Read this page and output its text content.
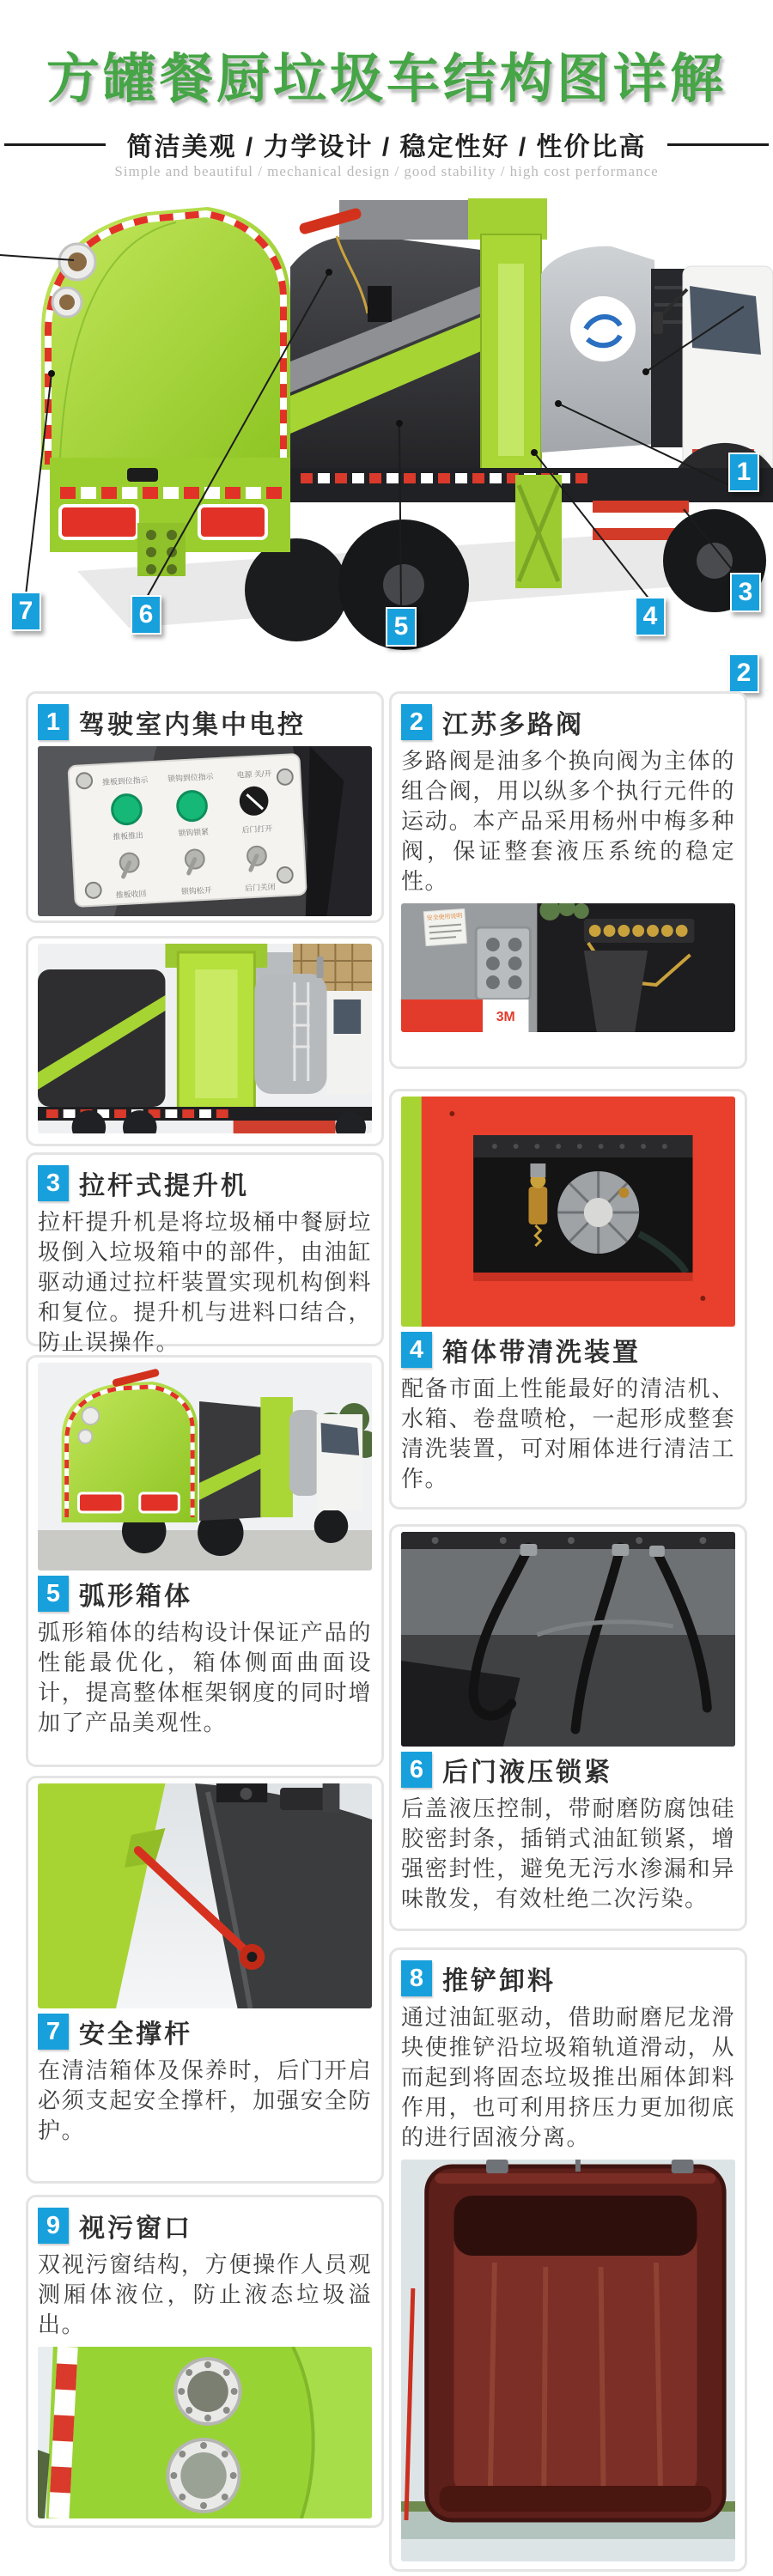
方罐餐厨垃圾车结构图详解
简洁美观 / 力学设计 / 稳定性好 / 性价比高
Simple and beautiful / mechanical design / good stability / high cost performance
1
2
3
4
5
6
7
1 驾驶室内集中电控
推板到位指示 锁钩到位指示	电源 关/开
推板推出	锁钩锁紧	后门打开
推板收回	锁钩松开	后门关闭
3 拉杆式提升机

拉杆提升机是将垃圾桶中餐厨垃圾倒入垃圾箱中的部件，由油缸驱动通过拉杆装置实现机构倒料和复位。提升机与进料口结合，防止误操作。

5 弧形箱体

弧形箱体的结构设计保证产品的性能最优化，箱体侧面曲面设计，提高整体框架钢度的同时增加了产品美观性。

7 安全撑杆

在清洁箱体及保养时，后门开启必须支起安全撑杆，加强安全防护。

9 视污窗口

双视污窗结构，方便操作人员观测厢体液位，防止液态垃圾溢出。

2 江苏多路阀

多路阀是油多个换向阀为主体的组合阀，用以纵多个执行元件的运动。本产品采用杨州中梅多种阀，保证整套液压系统的稳定性。

安全使用说明
3M
4 箱体带清洗装置

配备市面上性能最好的清洁机、水箱、卷盘喷枪，一起形成整套清洗装置，可对厢体进行清洁工作。

6 后门液压锁紧

后盖液压控制，带耐磨防腐蚀硅胶密封条，插销式油缸锁紧，增强密封性，避免无污水渗漏和异味散发，有效杜绝二次污染。

8 推铲卸料

通过油缸驱动，借助耐磨尼龙滑块使推铲沿垃圾箱轨道滑动，从而起到将固态垃圾推出厢体卸料作用，也可利用挤压力更加彻底的进行固液分离。
